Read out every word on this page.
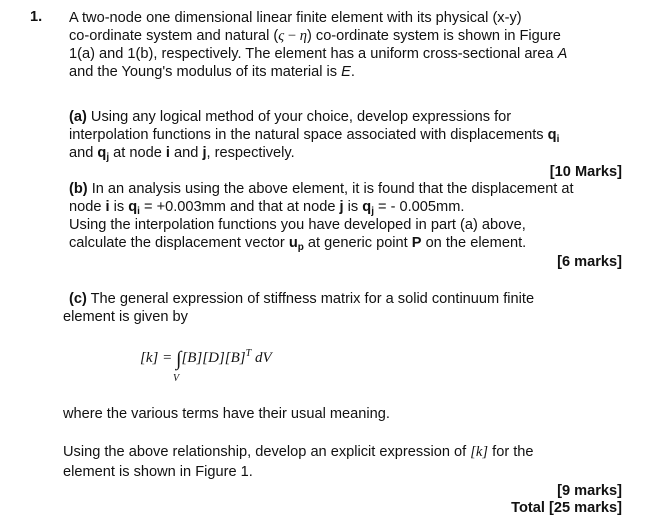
1. A two-node one dimensional linear finite element with its physical (x-y)
co-ordinate system and natural (ς − η) co-ordinate system is shown in Figure
1(a) and 1(b), respectively. The element has a uniform cross-sectional area A
and the Young's modulus of its material is E.
(a) Using any logical method of your choice, develop expressions for
interpolation functions in the natural space associated with displacements $q_i$
and $q_j$ at node i and j, respectively.
[10 Marks]
(b) In an analysis using the above element, it is found that the displacement at
node i is $q_i = +0.003mm$ and that at node j is $q_j$ = - 0.005mm.
Using the interpolation functions you have developed in part (a) above,
calculate the displacement vector $u_p$ at generic point P on the element.
[6 marks]
(c) The general expression of stiffness matrix for a solid continuum finite
element is given by
$[k] = \int[B][D][B]^T$ dV
V
where the various terms have their usual meaning.
Using the above relationship, develop an explicit expression of [k] for the
element is shown in Figure 1.
[9 marks]
Total [25 marks]
